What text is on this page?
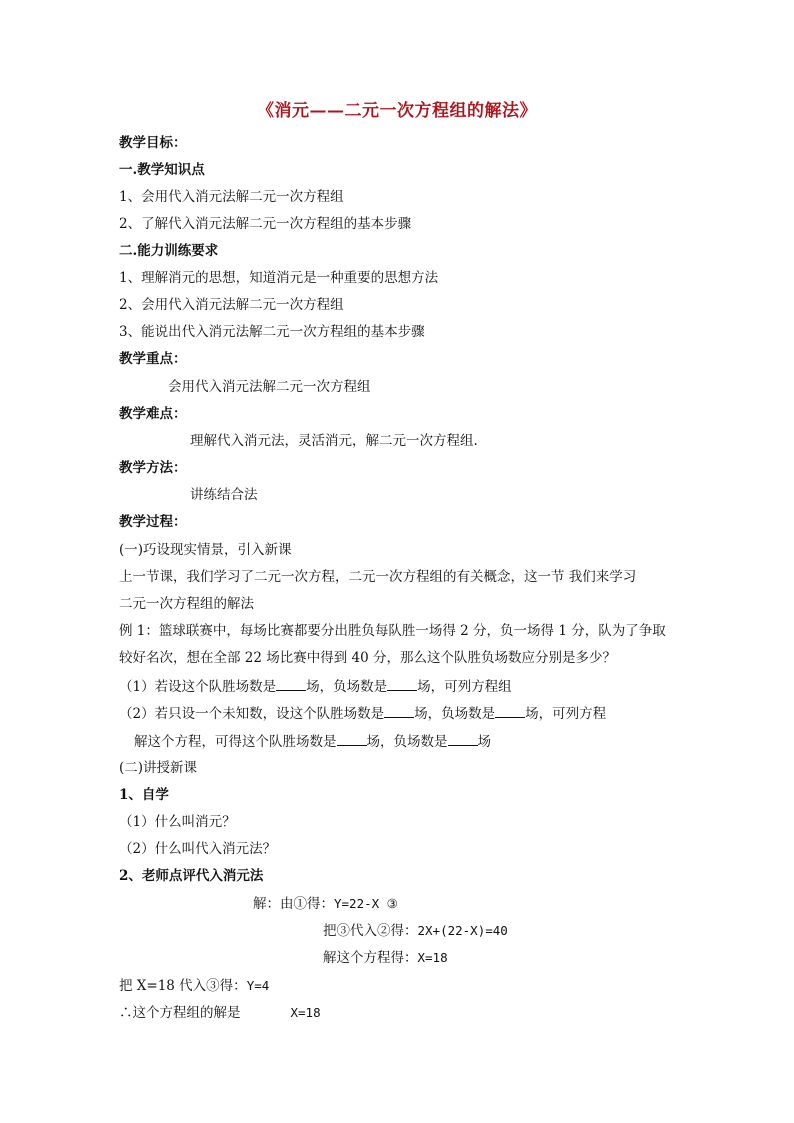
《消元——二元一次方程组的解法》
教学目标：
一.教学知识点
1、会用代入消元法解二元一次方程组
2、了解代入消元法解二元一次方程组的基本步骤
二.能力训练要求
1、理解消元的思想，知道消元是一种重要的思想方法
2、会用代入消元法解二元一次方程组
3、能说出代入消元法解二元一次方程组的基本步骤
教学重点：
会用代入消元法解二元一次方程组
教学难点：
理解代入消元法，灵活消元，解二元一次方程组.
教学方法：
讲练结合法
教学过程：
(一)巧设现实情景，引入新课
上一节课，我们学习了二元一次方程，二元一次方程组的有关概念，这一节 我们来学习
二元一次方程组的解法
例 1：篮球联赛中，每场比赛都要分出胜负每队胜一场得 2 分，负一场得 1 分，队为了争取
较好名次，想在全部 22 场比赛中得到 40 分，那么这个队胜负场数应分别是多少？
（1）若设这个队胜场数是 场，负场数是 场，可列方程组
（2）若只设一个未知数，设这个队胜场数是 场，负场数是 场，可列方程
解这个方程，可得这个队胜场数是 场，负场数是 场
(二)讲授新课
1、自学
（1）什么叫消元？
（2）什么叫代入消元法？
2、老师点评代入消元法
解：由①得：Y=22-X ③
把③代入②得：2X+(22-X)=40
解这个方程得：X=18
把 X=18 代入③得：Y=4
∴这个方程组的解是	X=18
